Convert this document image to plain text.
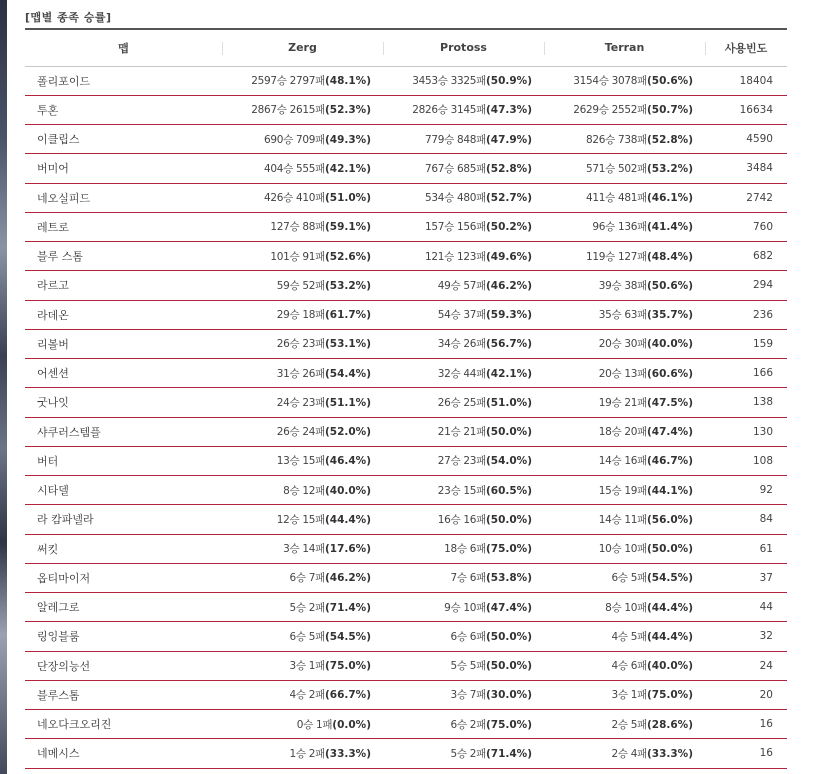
[맵별 종족 승률]
맵	Zerg	Protoss	Terran	사용빈도
폴리포이드	2597승 2797패(48.1%)	3453승 3325패(50.9%)	3154승 3078패(50.6%)	18404
투혼	2867승 2615패(52.3%)	2826승 3145패(47.3%)	2629승 2552패(50.7%)	16634
이클립스	690승 709패(49.3%)	779승 848패(47.9%)	826승 738패(52.8%)	4590
버미어	404승 555패(42.1%)	767승 685패(52.8%)	571승 502패(53.2%)	3484
네오실피드	426승 410패(51.0%)	534승 480패(52.7%)	411승 481패(46.1%)	2742
레트로	127승 88패(59.1%)	157승 156패(50.2%)	96승 136패(41.4%)	760
블루 스톰	101승 91패(52.6%)	121승 123패(49.6%)	119승 127패(48.4%)	682
라르고	59승 52패(53.2%)	49승 57패(46.2%)	39승 38패(50.6%)	294
라데온	29승 18패(61.7%)	54승 37패(59.3%)	35승 63패(35.7%)	236
리볼버	26승 23패(53.1%)	34승 26패(56.7%)	20승 30패(40.0%)	159
어센션	31승 26패(54.4%)	32승 44패(42.1%)	20승 13패(60.6%)	166
굿나잇	24승 23패(51.1%)	26승 25패(51.0%)	19승 21패(47.5%)	138
샤쿠러스템플	26승 24패(52.0%)	21승 21패(50.0%)	18승 20패(47.4%)	130
버터	13승 15패(46.4%)	27승 23패(54.0%)	14승 16패(46.7%)	108
시타델	8승 12패(40.0%)	23승 15패(60.5%)	15승 19패(44.1%)	92
라 캄파넬라	12승 15패(44.4%)	16승 16패(50.0%)	14승 11패(56.0%)	84
써킷	3승 14패(17.6%)	18승 6패(75.0%)	10승 10패(50.0%)	61
옵티마이저	6승 7패(46.2%)	7승 6패(53.8%)	6승 5패(54.5%)	37
알레그로	5승 2패(71.4%)	9승 10패(47.4%)	8승 10패(44.4%)	44
링잉블룸	6승 5패(54.5%)	6승 6패(50.0%)	4승 5패(44.4%)	32
단장의능선	3승 1패(75.0%)	5승 5패(50.0%)	4승 6패(40.0%)	24
블루스톰	4승 2패(66.7%)	3승 7패(30.0%)	3승 1패(75.0%)	20
네오다크오리진	0승 1패(0.0%)	6승 2패(75.0%)	2승 5패(28.6%)	16
네메시스	1승 2패(33.3%)	5승 2패(71.4%)	2승 4패(33.3%)	16
